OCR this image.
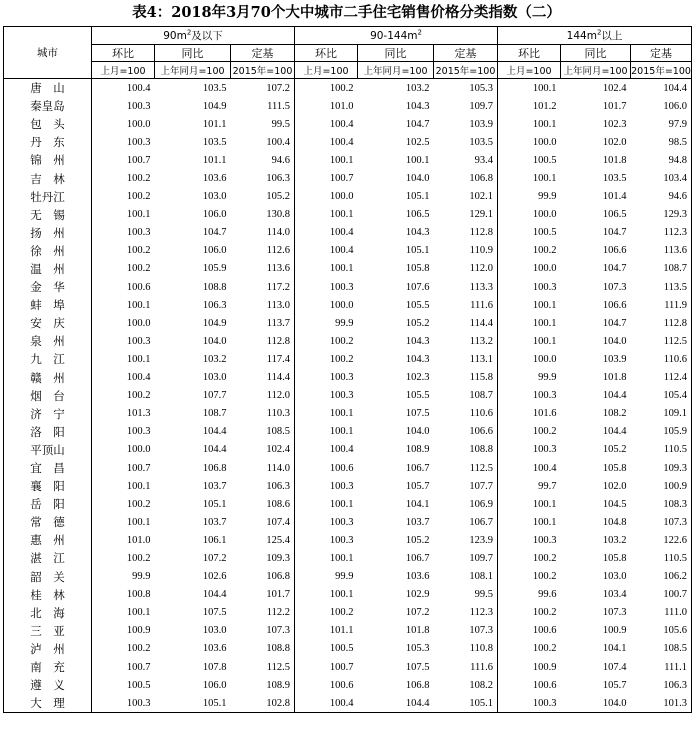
表4：2018年3月70个大中城市二手住宅销售价格分类指数（二）
城市	$90m^2$及以下			$90-144m^2$			$144m^2$以上		
	环比	同比	定基	环比	同比	定基	环比	同比	定基
	上月=100	上年同月=100	2015年=100	上月=100	上年同月=100	2015年=100	上月=100	上年同月=100	2015年=100
唐　山	100.4	103.5	107.2	100.2	103.2	105.3	100.1	102.4	104.4
秦皇岛	100.3	104.9	111.5	101.0	104.3	109.7	101.2	101.7	106.0
包　头	100.0	101.1	99.5	100.4	104.7	103.9	100.1	102.3	97.9
丹　东	100.3	103.5	100.4	100.4	102.5	103.5	100.0	102.0	98.5
锦　州	100.7	101.1	94.6	100.1	100.1	93.4	100.5	101.8	94.8
吉　林	100.2	103.6	106.3	100.7	104.0	106.8	100.1	103.5	103.4
牡丹江	100.2	103.0	105.2	100.0	105.1	102.1	99.9	101.4	94.6
无　锡	100.1	106.0	130.8	100.1	106.5	129.1	100.0	106.5	129.3
扬　州	100.3	104.7	114.0	100.4	104.3	112.8	100.5	104.7	112.3
徐　州	100.2	106.0	112.6	100.4	105.1	110.9	100.2	106.6	113.6
温　州	100.2	105.9	113.6	100.1	105.8	112.0	100.0	104.7	108.7
金　华	100.6	108.8	117.2	100.3	107.6	113.3	100.3	107.3	113.5
蚌　埠	100.1	106.3	113.0	100.0	105.5	111.6	100.1	106.6	111.9
安　庆	100.0	104.9	113.7	99.9	105.2	114.4	100.1	104.7	112.8
泉　州	100.3	104.0	112.8	100.2	104.3	113.2	100.1	104.0	112.5
九　江	100.1	103.2	117.4	100.2	104.3	113.1	100.0	103.9	110.6
赣　州	100.4	103.0	114.4	100.3	102.3	115.8	99.9	101.8	112.4
烟　台	100.2	107.7	112.0	100.3	105.5	108.7	100.3	104.4	105.4
济　宁	101.3	108.7	110.3	100.1	107.5	110.6	101.6	108.2	109.1
洛　阳	100.3	104.4	108.5	100.1	104.0	106.6	100.2	104.4	105.9
平顶山	100.0	104.4	102.4	100.4	108.9	108.8	100.3	105.2	110.5
宜　昌	100.7	106.8	114.0	100.6	106.7	112.5	100.4	105.8	109.3
襄　阳	100.1	103.7	106.3	100.3	105.7	107.7	99.7	102.0	100.9
岳　阳	100.2	105.1	108.6	100.1	104.1	106.9	100.1	104.5	108.3
常　德	100.1	103.7	107.4	100.3	103.7	106.7	100.1	104.8	107.3
惠　州	101.0	106.1	125.4	100.3	105.2	123.9	100.3	103.2	122.6
湛　江	100.2	107.2	109.3	100.1	106.7	109.7	100.2	105.8	110.5
韶　关	99.9	102.6	106.8	99.9	103.6	108.1	100.2	103.0	106.2
桂　林	100.8	104.4	101.7	100.1	102.9	99.5	99.6	103.4	100.7
北　海	100.1	107.5	112.2	100.2	107.2	112.3	100.2	107.3	111.0
三　亚	100.9	103.0	107.3	101.1	101.8	107.3	100.6	100.9	105.6
泸　州	100.2	103.6	108.8	100.5	105.3	110.8	100.2	104.1	108.5
南　充	100.7	107.8	112.5	100.7	107.5	111.6	100.9	107.4	111.1
遵　义	100.5	106.0	108.9	100.6	106.8	108.2	100.6	105.7	106.3
大　理	100.3	105.1	102.8	100.4	104.4	105.1	100.3	104.0	101.3
